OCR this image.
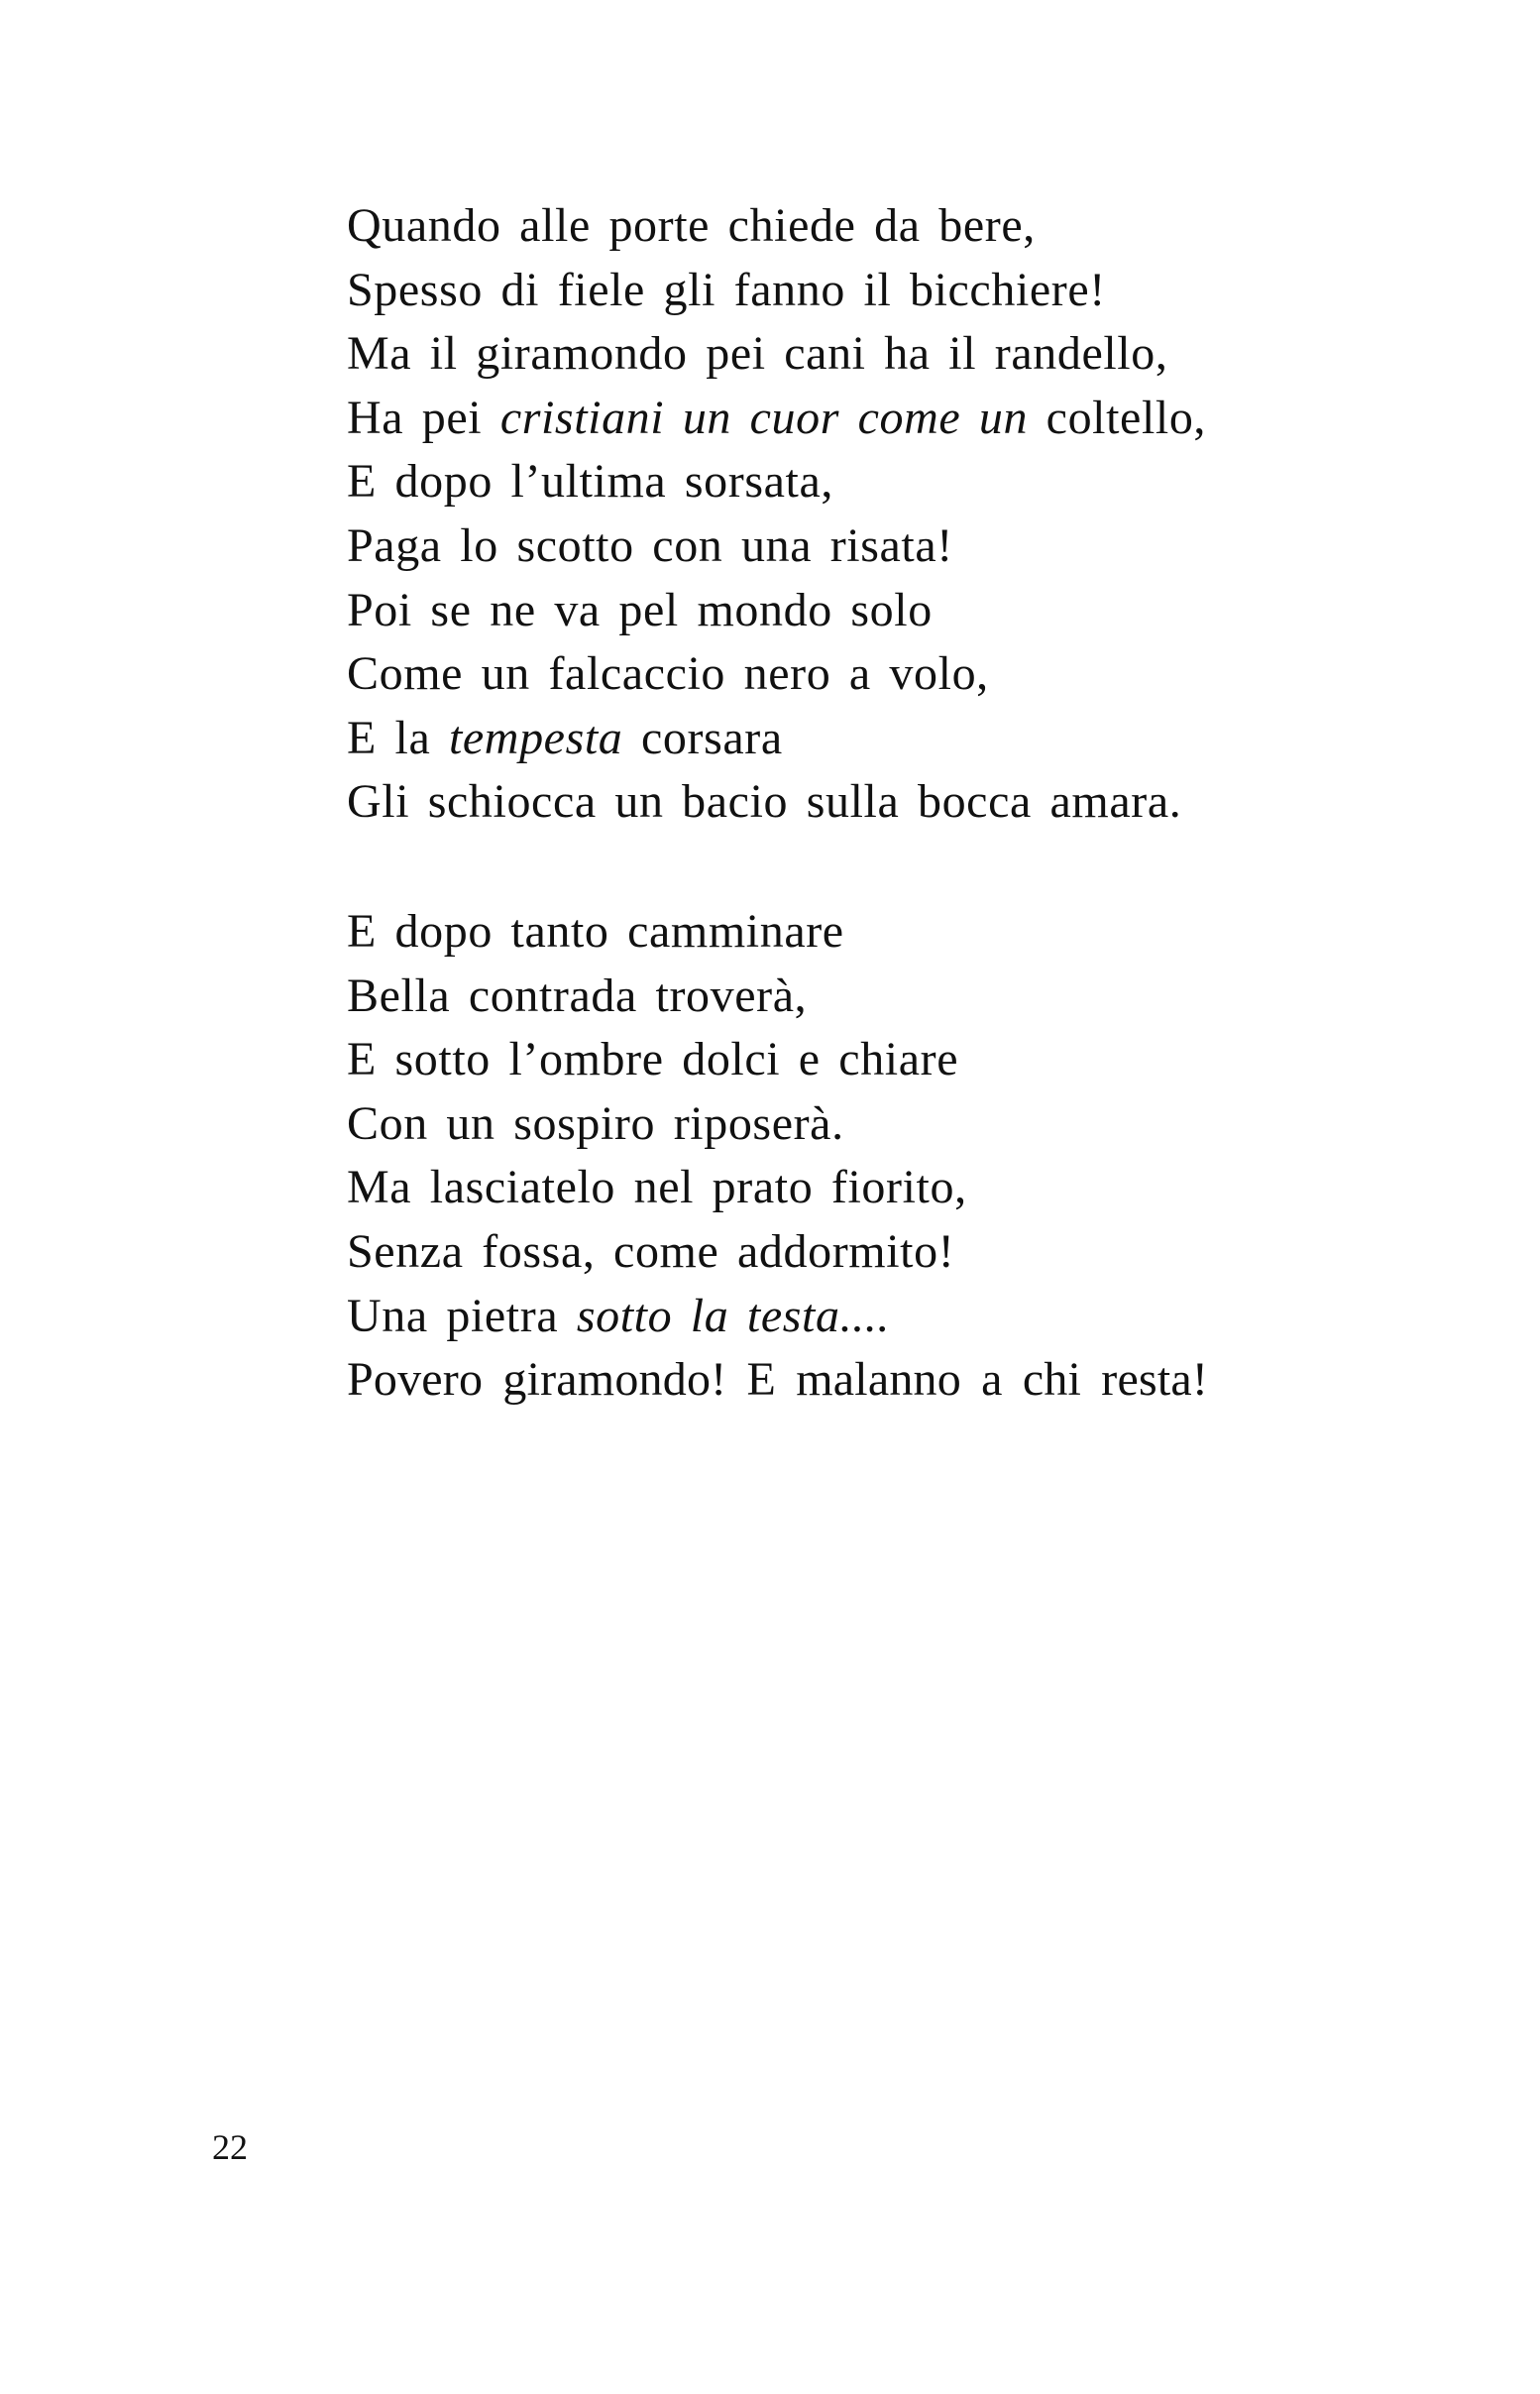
Quando alle porte chiede da bere,
Spesso di fiele gli fanno il bicchiere!
Ma il giramondo pei cani ha il randello,
Ha pei cristiani un cuor come un coltello,
E dopo l’ultima sorsata,
Paga lo scotto con una risata!
Poi se ne va pel mondo solo
Come un falcaccio nero a volo,
E la tempesta corsara
Gli schiocca un bacio sulla bocca amara.
E dopo tanto camminare
Bella contrada troverà,
E sotto l’ombre dolci e chiare
Con un sospiro riposerà.
Ma lasciatelo nel prato fiorito,
Senza fossa, come addormito!
Una pietra sotto la testa....
Povero giramondo! E malanno a chi resta!
22
